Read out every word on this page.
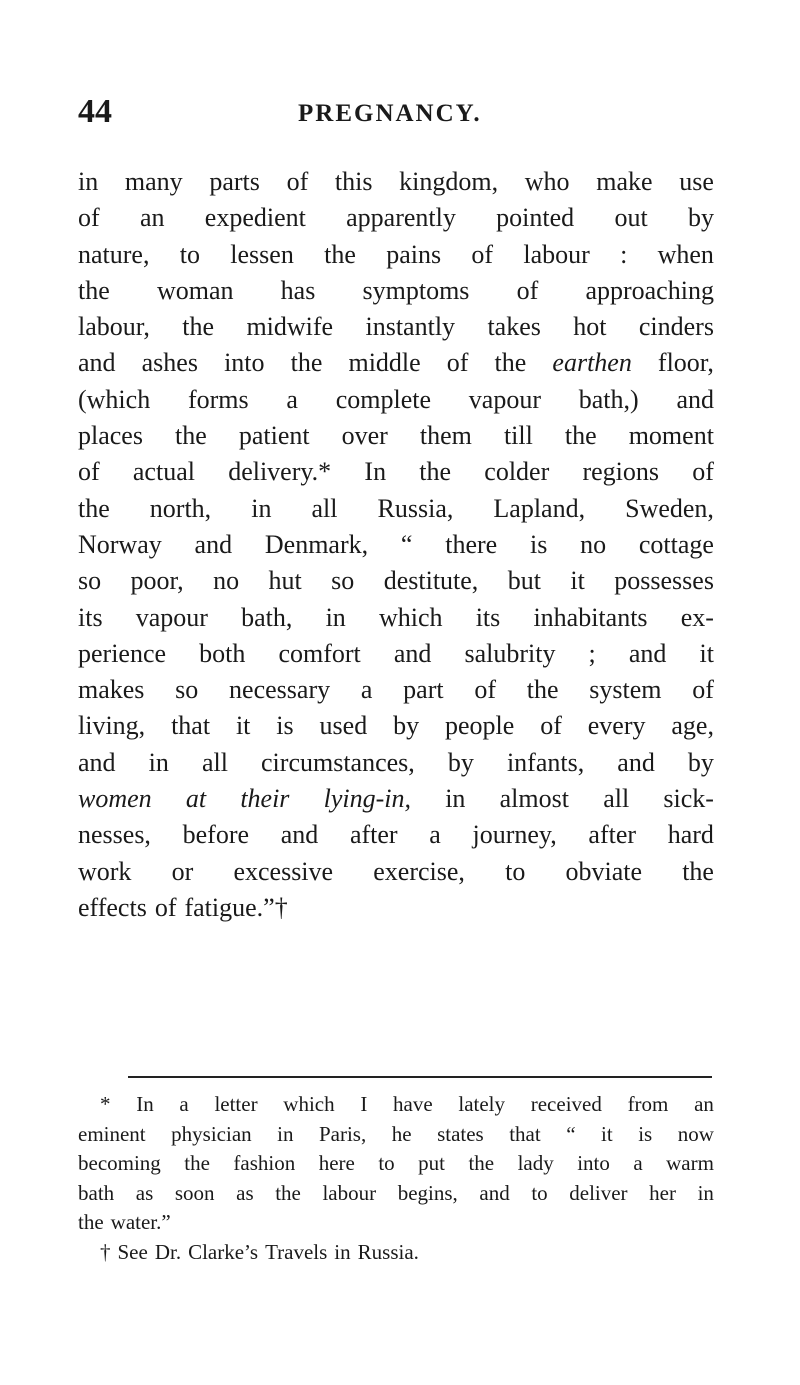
44	PREGNANCY.
in many parts of this kingdom, who make use
of an expedient apparently pointed out by
nature, to lessen the pains of labour : when
the woman has symptoms of approaching
labour, the midwife instantly takes hot cinders
and ashes into the middle of the earthen floor,
(which forms a complete vapour bath,) and
places the patient over them till the moment
of actual delivery.* In the colder regions of
the north, in all Russia, Lapland, Sweden,
Norway and Denmark, “ there is no cottage
so poor, no hut so destitute, but it possesses
its vapour bath, in which its inhabitants ex-
perience both comfort and salubrity ; and it
makes so necessary a part of the system of
living, that it is used by people of every age,
and in all circumstances, by infants, and by
women at their lying-in, in almost all sick-
nesses, before and after a journey, after hard
work or excessive exercise, to obviate the
effects of fatigue.”†
* In a letter which I have lately received from an
eminent physician in Paris, he states that “ it is now
becoming the fashion here to put the lady into a warm
bath as soon as the labour begins, and to deliver her in
the water.”
† See Dr. Clarke’s Travels in Russia.
